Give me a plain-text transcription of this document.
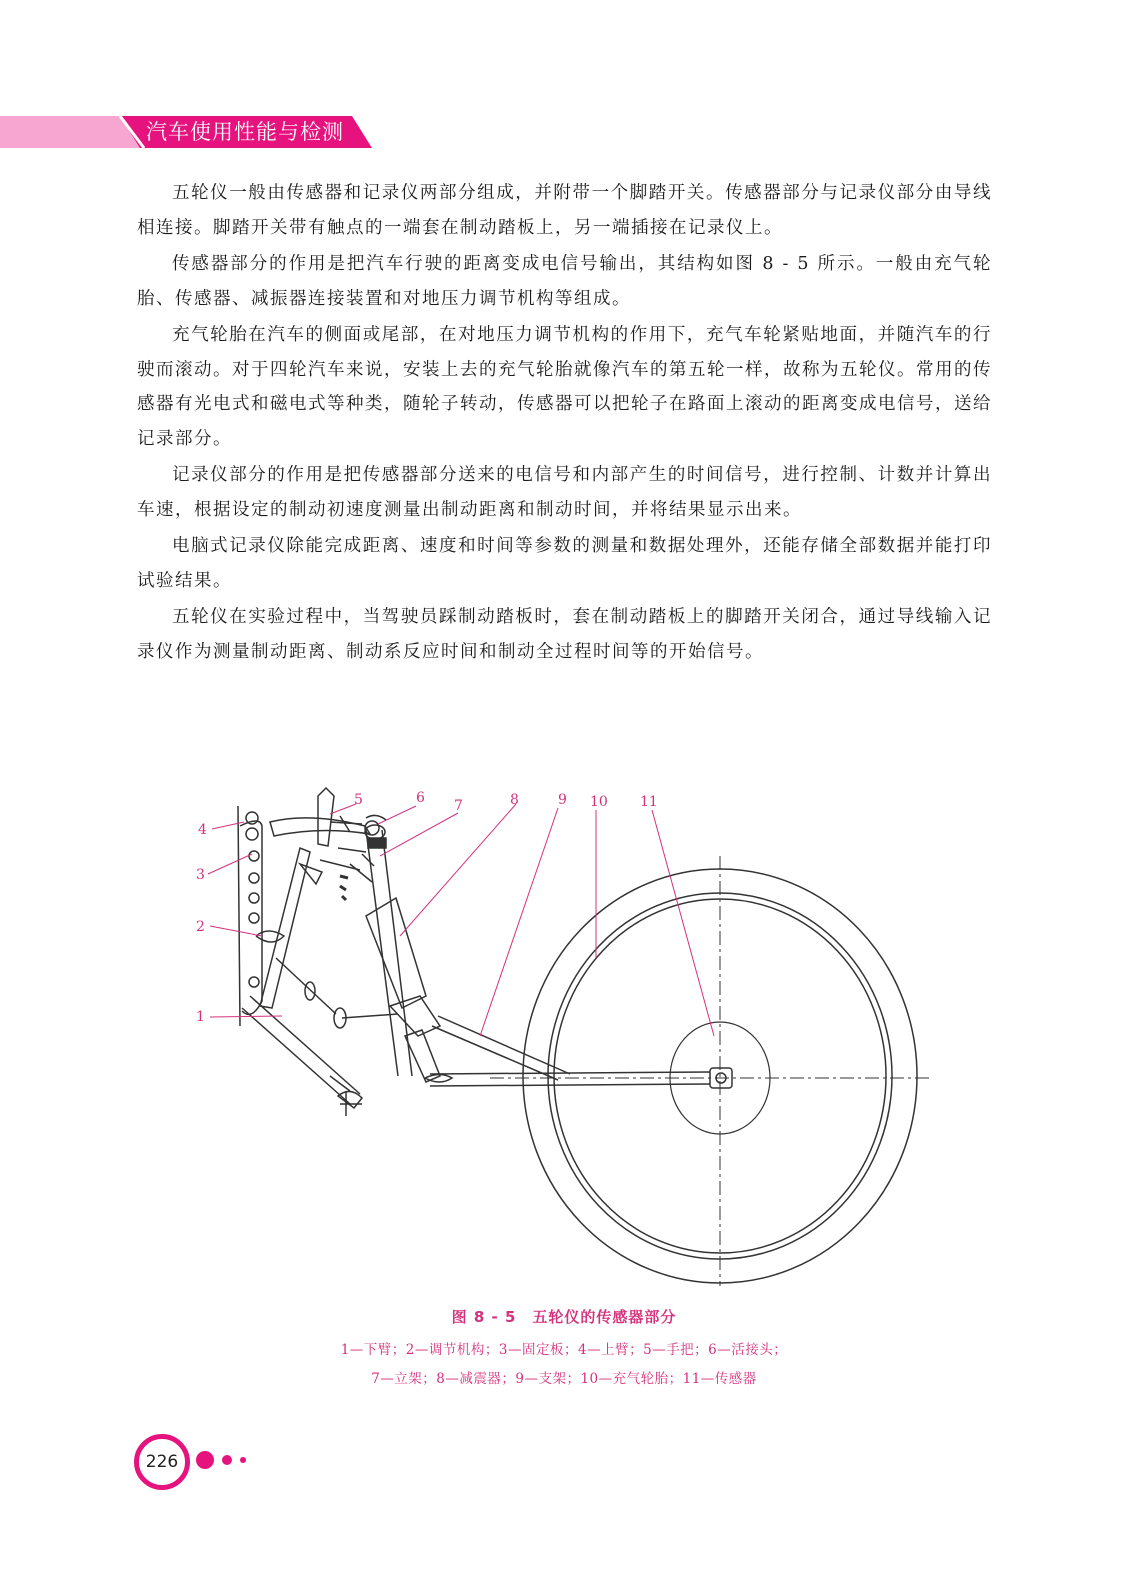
汽车使用性能与检测

五轮仪一般由传感器和记录仪两部分组成，并附带一个脚踏开关。传感器部分与记录仪部分由导线相连接。脚踏开关带有触点的一端套在制动踏板上，另一端插接在记录仪上。

传感器部分的作用是把汽车行驶的距离变成电信号输出，其结构如图 8 - 5 所示。一般由充气轮胎、传感器、减振器连接装置和对地压力调节机构等组成。

充气轮胎在汽车的侧面或尾部，在对地压力调节机构的作用下，充气车轮紧贴地面，并随汽车的行驶而滚动。对于四轮汽车来说，安装上去的充气轮胎就像汽车的第五轮一样，故称为五轮仪。常用的传感器有光电式和磁电式等种类，随轮子转动，传感器可以把轮子在路面上滚动的距离变成电信号，送给记录部分。

记录仪部分的作用是把传感器部分送来的电信号和内部产生的时间信号，进行控制、计数并计算出车速，根据设定的制动初速度测量出制动距离和制动时间，并将结果显示出来。

电脑式记录仪除能完成距离、速度和时间等参数的测量和数据处理外，还能存储全部数据并能打印试验结果。

五轮仪在实验过程中，当驾驶员踩制动踏板时，套在制动踏板上的脚踏开关闭合，通过导线输入记录仪作为测量制动距离、制动系反应时间和制动全过程时间等的开始信号。

1
2
3
4
5	6 7	8	9 10 11
图 8 - 5　五轮仪的传感器部分
1—下臂；2—调节机构；3—固定板；4—上臂；5—手把；6—活接头；
7—立架；8—减震器；9—支架；10—充气轮胎；11—传感器
226
